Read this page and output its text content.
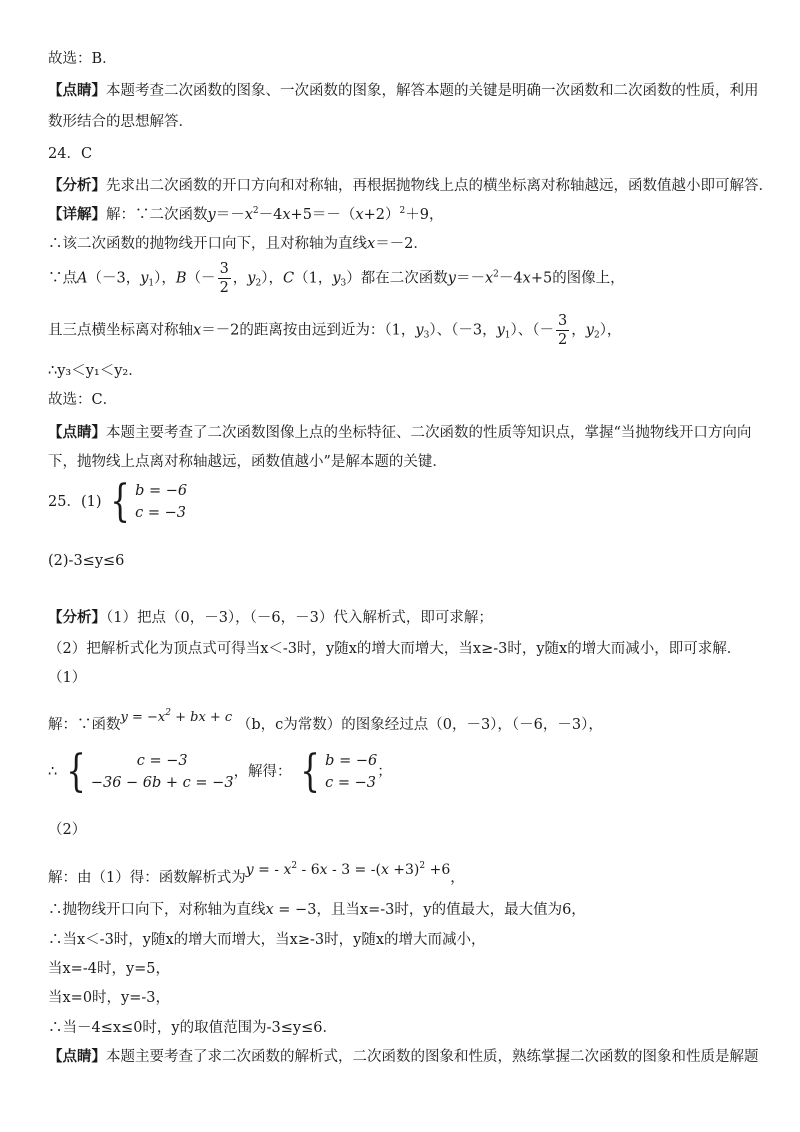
故选：B．
【点睛】本题考查二次函数的图象、一次函数的图象，解答本题的关键是明确一次函数和二次函数的性质，利用
数形结合的思想解答．
24．C
【分析】先求出二次函数的开口方向和对称轴，再根据抛物线上点的横坐标离对称轴越远，函数值越小即可解答．
【详解】解：∵二次函数$y=-x^2-4x+5=-(x+2)^2+9$，
∴该二次函数的抛物线开口向下，且对称轴为直线x＝－2．
∵点A（－3，$y_1$），$B(- \frac{3}{2}$ ，$y_2$），C（1，$y_3$）都在二次函数$y=-x^2-4x+5$的图像上，
且三点横坐标离对称轴x＝－2的距离按由远到近为：（1，$y_3$）、（－3，$y_1$）、（－ $\frac{3}{2}$ ，$y_2$），
∴y₃＜y₁＜y₂．
故选：C．
【点睛】本题主要考查了二次函数图像上点的坐标特征、二次函数的性质等知识点，掌握“当抛物线开口方向向
下，抛物线上点离对称轴越远，函数值越小”是解本题的关键．
25．(1) { b = −6
c = −3
(2)-3≤y≤6
【分析】（1）把点（0，－3），（－6，－3）代入解析式，即可求解；
（2）把解析式化为顶点式可得当x＜-3时，y随x的增大而增大，当x≥-3时，y随x的增大而减小，即可求解．
（1）
解：∵函数$y = -x^2$ + bx + c （b，c为常数）的图象经过点（0，－3），（－6，－3），
∴ {	c = −3
−36 − 6b + c = −3
，解得： { b = −6
c = −3
；
（2）
解：由（1）得：函数解析式为y = - $x^2 - 6x - 3 = -(x +3)^2 +6$，
∴抛物线开口向下，对称轴为直线x = −3，且当x=-3时，y的值最大，最大值为6，
∴当x＜-3时，y随x的增大而增大，当x≥-3时，y随x的增大而减小，
当x=-4时，y=5，
当x=0时，y=-3，
∴当－4≤x≤0时，y的取值范围为-3≤y≤6．
【点睛】本题主要考查了求二次函数的解析式，二次函数的图象和性质，熟练掌握二次函数的图象和性质是解题
